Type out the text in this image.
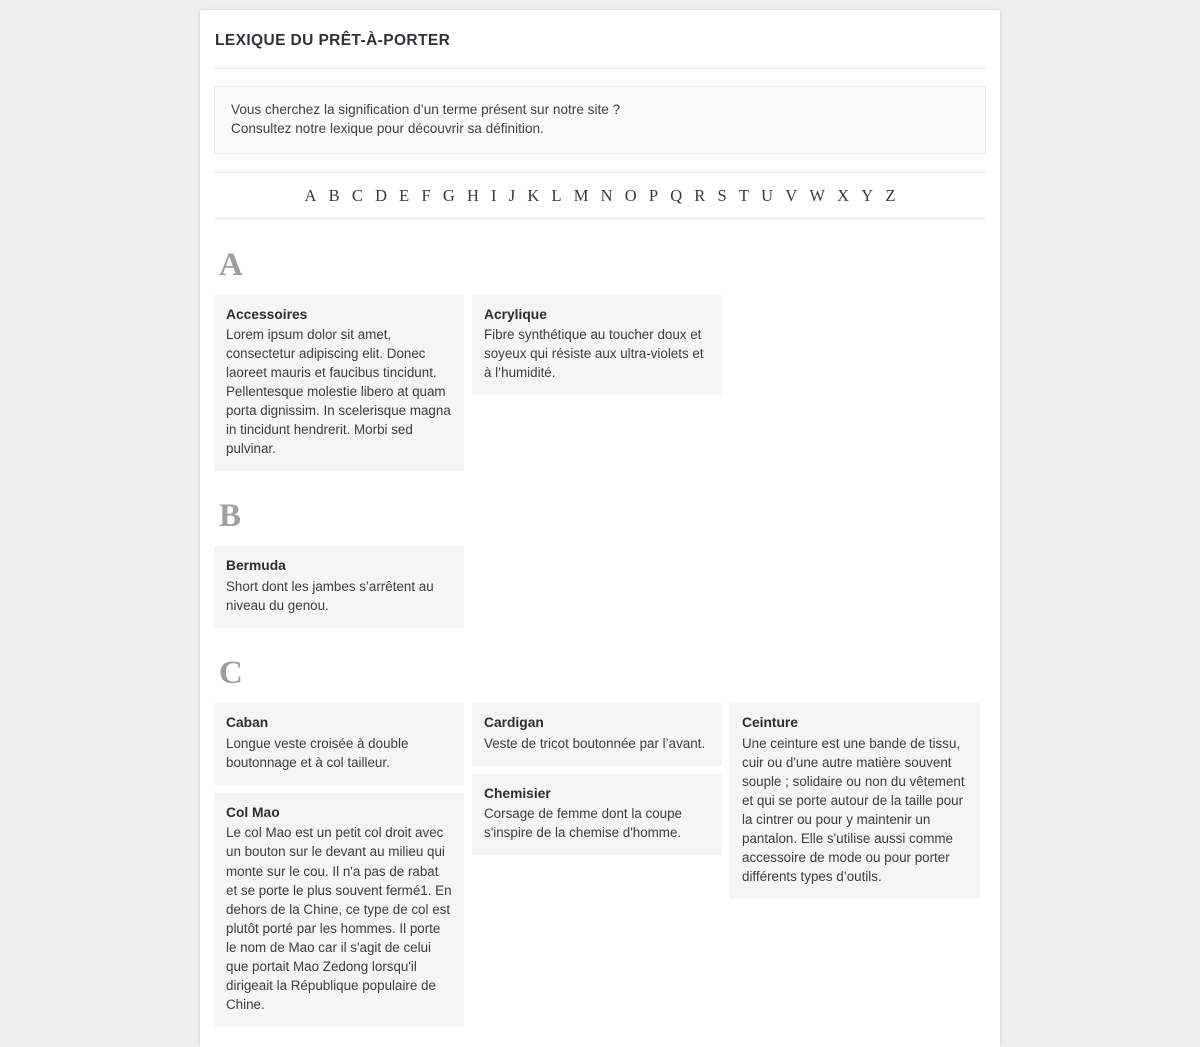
LEXIQUE DU PRÊT-À-PORTER
Vous cherchez la signification d’un terme présent sur notre site ?
Consultez notre lexique pour découvrir sa définition.
A B C D E F G H I J K L M N O P Q R S T U V W X Y Z
A
Accessoires

Lorem ipsum dolor sit amet, consectetur adipiscing elit. Donec laoreet mauris et faucibus tincidunt. Pellentesque molestie libero at quam porta dignissim. In scelerisque magna in tincidunt hendrerit. Morbi sed pulvinar.

Acrylique

Fibre synthétique au toucher doux et soyeux qui résiste aux ultra-violets et à l’humidité.

B
Bermuda

Short dont les jambes s’arrêtent au niveau du genou.

C
Caban

Longue veste croisée à double boutonnage et à col tailleur.

Col Mao

Le col Mao est un petit col droit avec un bouton sur le devant au milieu qui monte sur le cou. Il n'a pas de rabat et se porte le plus souvent fermé1. En dehors de la Chine, ce type de col est plutôt porté par les hommes. Il porte le nom de Mao car il s'agit de celui que portait Mao Zedong lorsqu'il dirigeait la République populaire de Chine.

Cardigan

Veste de tricot boutonnée par l’avant.

Chemisier

Corsage de femme dont la coupe s'inspire de la chemise d'homme.

Ceinture

Une ceinture est une bande de tissu, cuir ou d'une autre matière souvent souple ; solidaire ou non du vêtement et qui se porte autour de la taille pour la cintrer ou pour y maintenir un pantalon. Elle s'utilise aussi comme accessoire de mode ou pour porter différents types d’outils.
